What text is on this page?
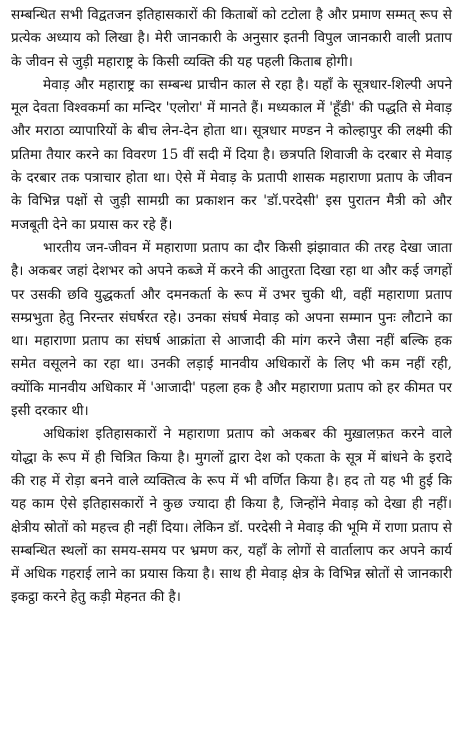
सम्बन्धित सभी विद्वतजन इतिहासकारों की किताबों को टटोला है और प्रमाण सम्मत् रूप से प्रत्येक अध्याय को लिखा है। मेरी जानकारी के अनुसार इतनी विपुल जानकारी वाली प्रताप के जीवन से जुड़ी महाराष्ट्र के किसी व्यक्ति की यह पहली किताब होगी।

मेवाड़ और महाराष्ट्र का सम्बन्ध प्राचीन काल से रहा है। यहाँ के सूत्रधार-शिल्पी अपने मूल देवता विश्वकर्मा का मन्दिर 'एलोरा' में मानते हैं। मध्यकाल में 'हूँडी' की पद्धति से मेवाड़ और मराठा व्यापारियों के बीच लेन-देन होता था। सूत्रधार मण्डन ने कोल्हापुर की लक्ष्मी की प्रतिमा तैयार करने का विवरण 15 वीं सदी में दिया है। छत्रपति शिवाजी के दरबार से मेवाड़ के दरबार तक पत्राचार होता था। ऐसे में मेवाड़ के प्रतापी शासक महाराणा प्रताप के जीवन के विभिन्न पक्षों से जुड़ी सामग्री का प्रकाशन कर 'डॉ.परदेसी' इस पुरातन मैत्री को और मजबूती देने का प्रयास कर रहे हैं।

भारतीय जन-जीवन में महाराणा प्रताप का दौर किसी झंझावात की तरह देखा जाता है। अकबर जहां देशभर को अपने कब्जे में करने की आतुरता दिखा रहा था और कई जगहों पर उसकी छवि युद्धकर्ता और दमनकर्ता के रूप में उभर चुकी थी, वहीं महाराणा प्रताप सम्प्रभुता हेतु निरन्तर संघर्षरत रहे। उनका संघर्ष मेवाड़ को अपना सम्मान पुनः लौटाने का था। महाराणा प्रताप का संघर्ष आक्रांता से आजादी की मांग करने जैसा नहीं बल्कि हक समेत वसूलने का रहा था। उनकी लड़ाई मानवीय अधिकारों के लिए भी कम नहीं रही, क्योंकि मानवीय अधिकार में 'आजादी' पहला हक है और महाराणा प्रताप को हर कीमत पर इसी दरकार थी।

अधिकांश इतिहासकारों ने महाराणा प्रताप को अकबर की मुख़ालफ़त करने वाले योद्धा के रूप में ही चित्रित किया है। मुगलों द्वारा देश को एकता के सूत्र में बांधने के इरादे की राह में रोड़ा बनने वाले व्यक्तित्व के रूप में भी वर्णित किया है। हद तो यह भी हुई कि यह काम ऐसे इतिहासकारों ने कुछ ज्यादा ही किया है, जिन्होंने मेवाड़ को देखा ही नहीं। क्षेत्रीय स्रोतों को महत्त्व ही नहीं दिया। लेकिन डॉ. परदेसी ने मेवाड़ की भूमि में राणा प्रताप से सम्बन्धित स्थलों का समय-समय पर भ्रमण कर, यहाँ के लोगों से वार्तालाप कर अपने कार्य में अधिक गहराई लाने का प्रयास किया है। साथ ही मेवाड़ क्षेत्र के विभिन्न स्रोतों से जानकारी इकट्ठा करने हेतु कड़ी मेहनत की है।
